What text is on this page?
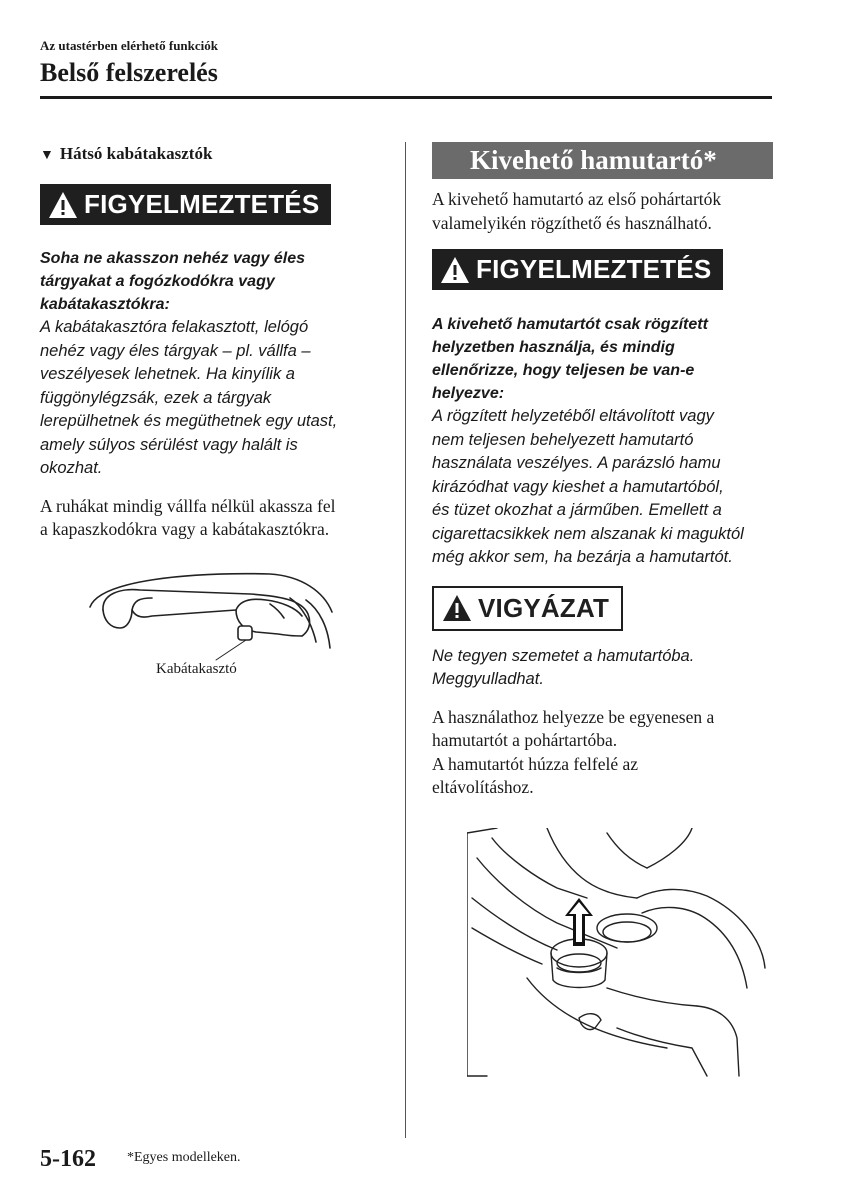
Az utastérben elérhető funkciók
Belső felszerelés
▼ Hátsó kabátakasztók
FIGYELMEZTETÉS

Soha ne akasszon nehéz vagy éles

tárgyakat a fogózkodókra vagy

kabátakasztókra:

A kabátakasztóra felakasztott, lelógó

nehéz vagy éles tárgyak – pl. vállfa –

veszélyesek lehetnek. Ha kinyílik a

függönylégzsák, ezek a tárgyak

lerepülhetnek és megüthetnek egy utast,

amely súlyos sérülést vagy halált is

okozhat.

A ruhákat mindig vállfa nélkül akassza fel

a kapaszkodókra vagy a kabátakasztókra.

Kabátakasztó
Kivehető hamutartó*

A kivehető hamutartó az első pohártartók

valamelyikén rögzíthető és használható.

FIGYELMEZTETÉS

A kivehető hamutartót csak rögzített

helyzetben használja, és mindig

ellenőrizze, hogy teljesen be van-e

helyezve:

A rögzített helyzetéből eltávolított vagy

nem teljesen behelyezett hamutartó

használata veszélyes. A parázsló hamu

kirázódhat vagy kieshet a hamutartóból,

és tüzet okozhat a járműben. Emellett a

cigarettacsikkek nem alszanak ki maguktól

még akkor sem, ha bezárja a hamutartót.

VIGYÁZAT

Ne tegyen szemetet a hamutartóba.

Meggyulladhat.

A használathoz helyezze be egyenesen a

hamutartót a pohártartóba.

A hamutartót húzza felfelé az

eltávolításhoz.

5-162 *Egyes modelleken.
